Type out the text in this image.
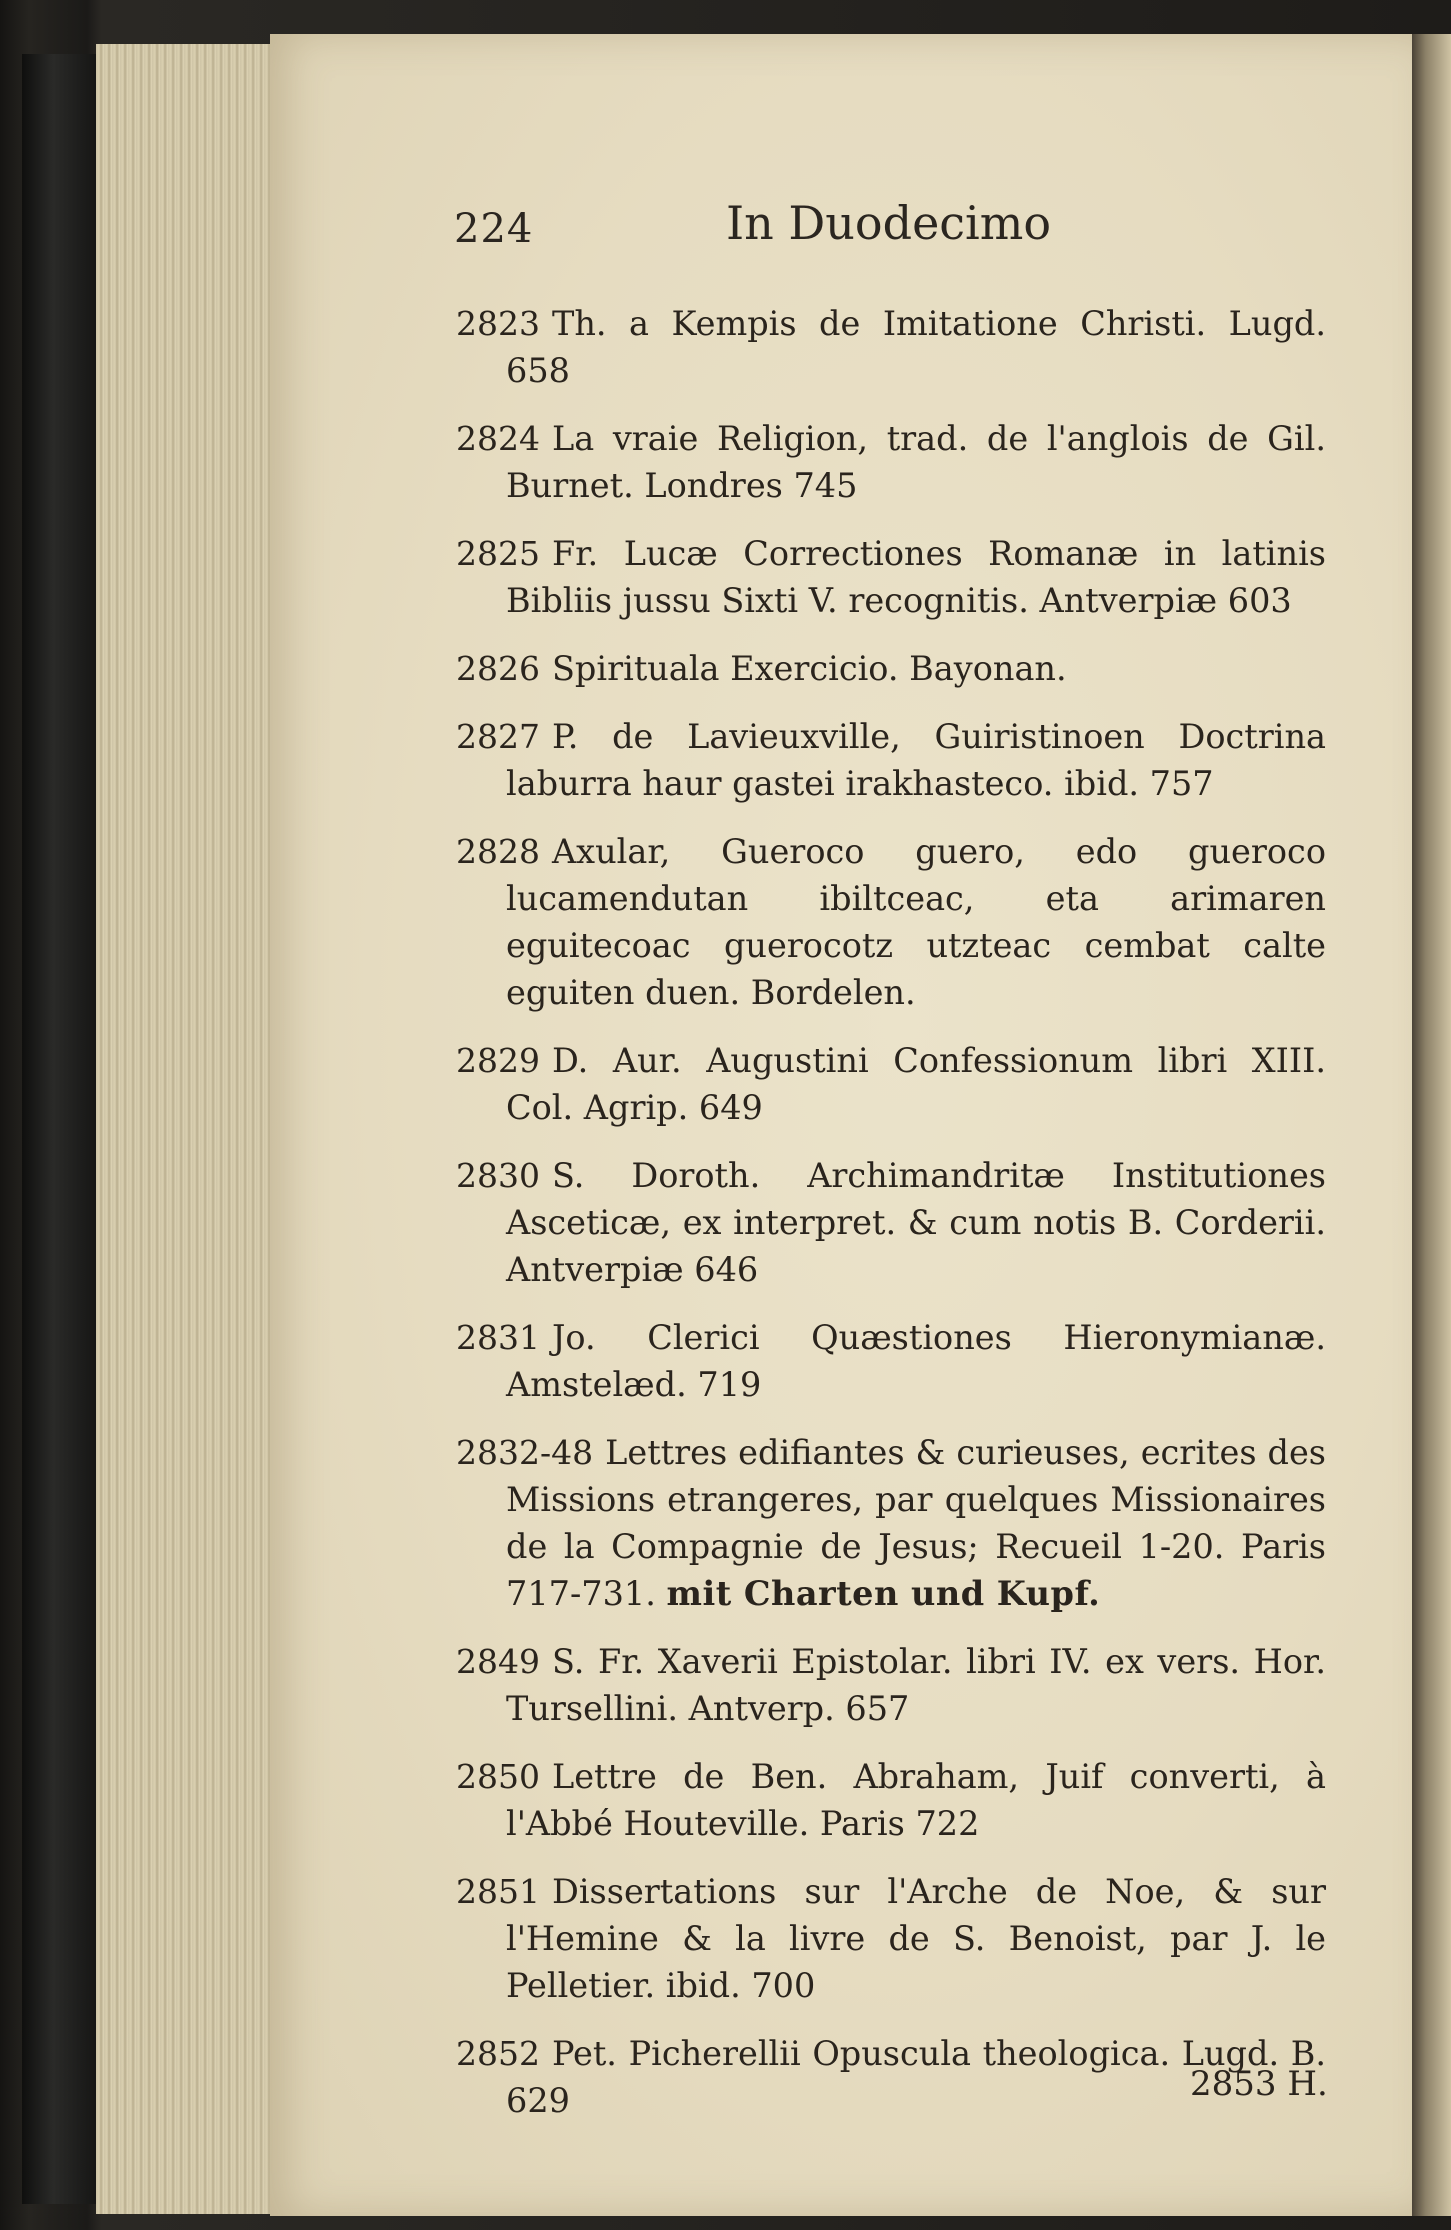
224	In Duodecimo

2823 Th. a Kempis de Imitatione Christi. Lugd. 658

2824 La vraie Religion, trad. de l'anglois de Gil. Burnet. Londres 745

2825 Fr. Lucæ Correctiones Romanæ in latinis Bibliis jussu Sixti V. recognitis. Antverpiæ 603

2826 Spirituala Exercicio. Bayonan.

2827 P. de Lavieuxville, Guiristinoen Doctrina laburra haur gastei irakhasteco. ibid. 757

2828 Axular, Gueroco guero, edo gueroco lucamendutan ibiltceac, eta arimaren eguitecoac guerocotz utzteac cembat calte eguiten duen. Bordelen.

2829 D. Aur. Augustini Confessionum libri XIII. Col. Agrip. 649

2830 S. Doroth. Archimandritæ Institutiones Asceticæ, ex interpret. & cum notis B. Corderii. Antverpiæ 646

2831 Jo. Clerici Quæstiones Hieronymianæ. Amstelæd. 719

2832-48 Lettres edifiantes & curieuses, ecrites des Missions etrangeres, par quelques Missionaires de la Compagnie de Jesus; Recueil 1-20. Paris 717-731. mit Charten und Kupf.

2849 S. Fr. Xaverii Epistolar. libri IV. ex vers. Hor. Tursellini. Antverp. 657

2850 Lettre de Ben. Abraham, Juif converti, à l'Abbé Houteville. Paris 722

2851 Dissertations sur l'Arche de Noe, & sur l'Hemine & la livre de S. Benoist, par J. le Pelletier. ibid. 700

2852 Pet. Picherellii Opuscula theologica. Lugd. B. 629	2853 H.
